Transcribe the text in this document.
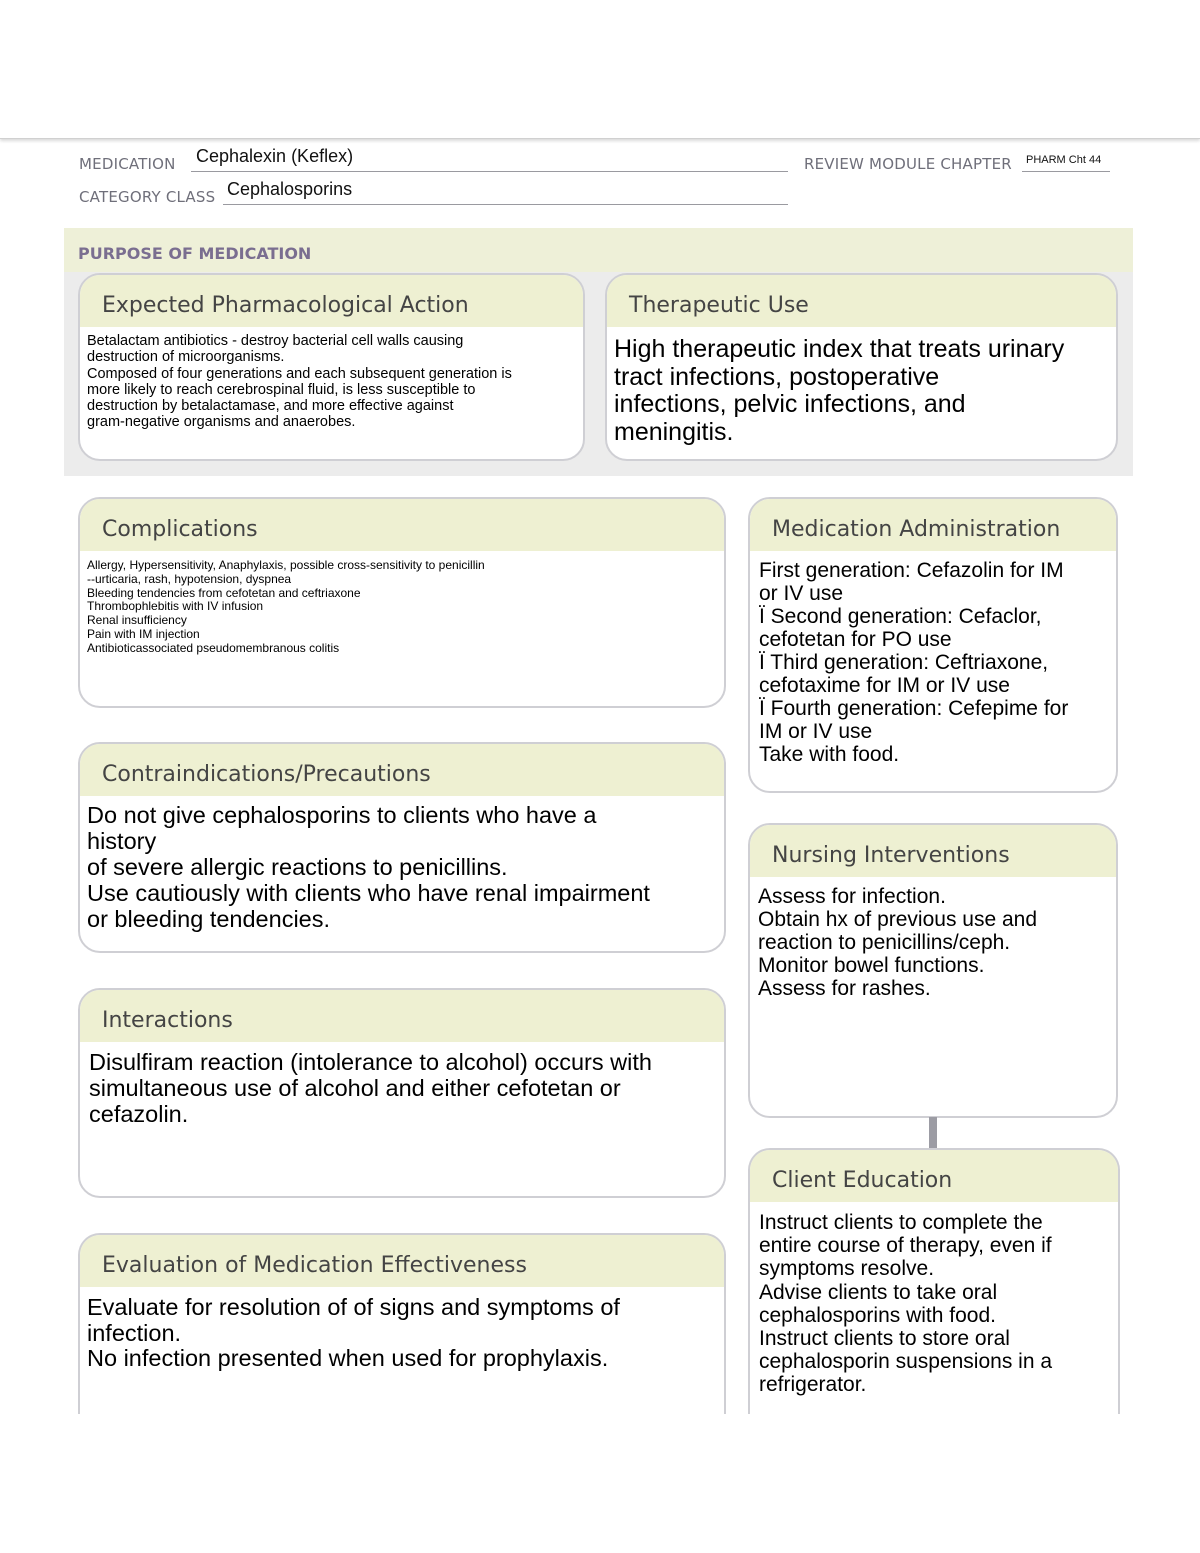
MEDICATION Cephalexin (Keflex)
CATEGORY CLASS Cephalosporins
REVIEW MODULE CHAPTER PHARM Cht 44
PURPOSE OF MEDICATION
Expected Pharmacological Action
Betalactam antibiotics - destroy bacterial cell walls causing
destruction of microorganisms.
Composed of four generations and each subsequent generation is
more likely to reach cerebrospinal fluid, is less susceptible to
destruction by betalactamase, and more effective against
gram-negative organisms and anaerobes.
Therapeutic Use
High therapeutic index that treats urinary
tract infections, postoperative
infections, pelvic infections, and
meningitis.
Complications
Allergy, Hypersensitivity, Anaphylaxis, possible cross-sensitivity to penicillin
--urticaria, rash, hypotension, dyspnea
Bleeding tendencies from cefotetan and ceftriaxone
Thrombophlebitis with IV infusion
Renal insufficiency
Pain with IM injection
Antibioticassociated pseudomembranous colitis
Medication Administration
First generation: Cefazolin for IM
or IV use
Ï Second generation: Cefaclor,
cefotetan for PO use
Ï Third generation: Ceftriaxone,
cefotaxime for IM or IV use
Ï Fourth generation: Cefepime for
IM or IV use
Take with food.
Contraindications/Precautions
Do not give cephalosporins to clients who have a
history
of severe allergic reactions to penicillins.
Use cautiously with clients who have renal impairment
or bleeding tendencies.
Nursing Interventions
Assess for infection.
Obtain hx of previous use and
reaction to penicillins/ceph.
Monitor bowel functions.
Assess for rashes.
Interactions
Disulfiram reaction (intolerance to alcohol) occurs with
simultaneous use of alcohol and either cefotetan or
cefazolin.
Client Education
Instruct clients to complete the
entire course of therapy, even if
symptoms resolve.
Advise clients to take oral
cephalosporins with food.
Instruct clients to store oral
cephalosporin suspensions in a
refrigerator.
Evaluation of Medication Effectiveness
Evaluate for resolution of of signs and symptoms of
infection.
No infection presented when used for prophylaxis.
